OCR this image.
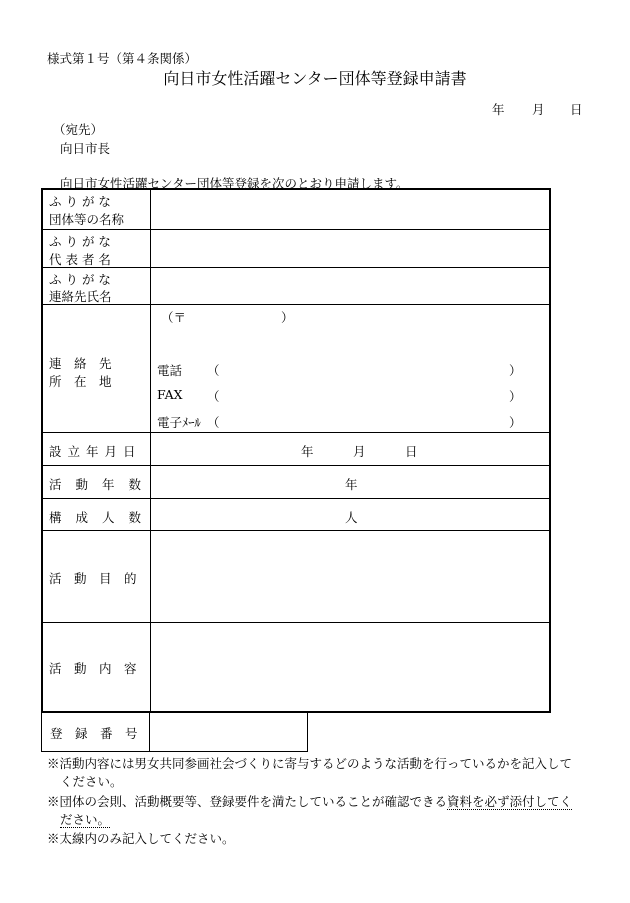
様式第１号（第４条関係）
向日市女性活躍センター団体等登録申請書
年 月 日
（宛先）
向日市長
向日市女性活躍センター団体等登録を次のとおり申請します。
ふ り が な
団体等の名称
ふ り が な
代 表 者 名
ふ り が な
連絡先氏名
連　絡　先
所　在　地
（〒	）
電話 （	）
FAX （	）
電子ﾒｰﾙ （	）
設立年月日	年	月	日
活動年数	年
構成人数	人
活　動　目　的
活　動　内　容
登　録　番　号
※活動内容には男女共同参画社会づくりに寄与するどのような活動を行っているかを記入して
ください。
※団体の会則、活動概要等、登録要件を満たしていることが確認できる資料を必ず添付してく
ださい。
※太線内のみ記入してください。
